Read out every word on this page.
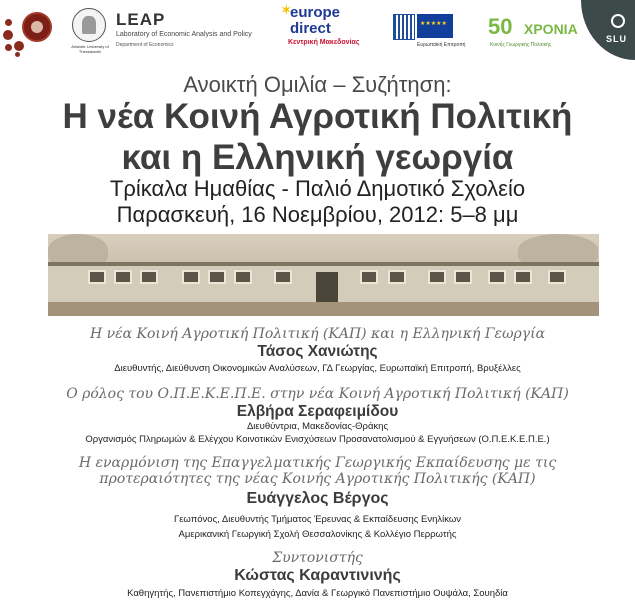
Aristotle University of Thessaloniki
LEAP
Laboratory of Economic Analysis and Policy
Department of Economics
✶
europe
direct
Κεντρική Μακεδονίας
★★★★★	Ευρωπαϊκή Επιτροπή
50 XPONIA
Κοινής Γεωργικής Πολιτικής
SLU
Ανοικτή Ομιλία – Συζήτηση:
Η νέα Κοινή Αγροτική Πολιτική
και η Ελληνική γεωργία
Τρίκαλα Ημαθίας - Παλιό Δημοτικό Σχολείο
Παρασκευή, 16 Νοεμβρίου, 2012: 5–8 μμ
Η νέα Κοινή Αγροτική Πολιτική (ΚΑΠ) και η Ελληνική Γεωργία
Τάσος Χανιώτης
Διευθυντής, Διεύθυνση Οικονομικών Αναλύσεων, ΓΔ Γεωργίας, Ευρωπαϊκή Επιτροπή, Βρυξέλλες
Ο ρόλος του Ο.Π.Ε.Κ.Ε.Π.Ε. στην νέα Κοινή Αγροτική Πολιτική (ΚΑΠ)
Ελβήρα Σεραφειμίδου
Διευθύντρια, Μακεδονίας-Θράκης
Οργανισμός Πληρωμών & Ελέγχου Κοινοτικών Ενισχύσεων Προσανατολισμού & Εγγυήσεων (Ο.Π.Ε.Κ.Ε.Π.Ε.)
Η εναρμόνιση της Επαγγελματικής Γεωργικής Εκπαίδευσης με τις
προτεραιότητες της νέας Κοινής Αγροτικής Πολιτικής (ΚΑΠ)
Ευάγγελος Βέργος
Γεωπόνος, Διευθυντής Τμήματος Έρευνας & Εκπαίδευσης Ενηλίκων
Αμερικανική Γεωργική Σχολή Θεσσαλονίκης & Κολλέγιο Περρωτής
Συντονιστής
Κώστας Καραντινινής
Καθηγητής, Πανεπιστήμιο Κοπεγχάγης, Δανία & Γεωργικό Πανεπιστήμιο Ουψάλα, Σουηδία
